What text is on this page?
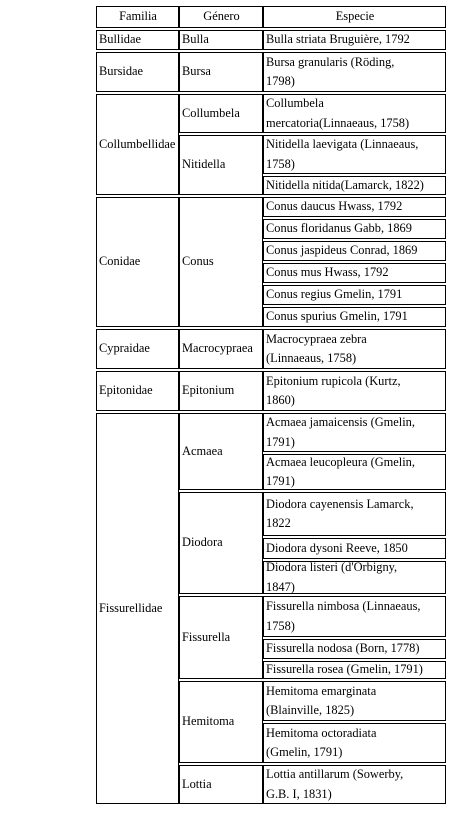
Familia	Género	Especie
Bullidae
Bursidae
Collumbellidae
Conidae
Cypraidae
Epitonidae
Fissurellidae
Bulla
Bursa
Collumbela
Nitidella
Conus
Macrocypraea
Epitonium
Acmaea
Diodora
Fissurella
Hemitoma
Lottia
Bulla striata Bruguière, 1792
Bursa granularis (Röding,
1798)
Collumbela
mercatoria(Linnaeaus, 1758)
Nitidella laevigata (Linnaeaus,
1758)
Nitidella nitida(Lamarck, 1822)
Conus daucus Hwass, 1792
Conus floridanus Gabb, 1869
Conus jaspideus Conrad, 1869
Conus mus Hwass, 1792
Conus regius Gmelin, 1791
Conus spurius Gmelin, 1791
Macrocypraea zebra
(Linnaeaus, 1758)
Epitonium rupicola (Kurtz,
1860)
Acmaea jamaicensis (Gmelin,
1791)
Acmaea leucopleura (Gmelin,
1791)
Diodora cayenensis Lamarck,
1822
Diodora dysoni Reeve, 1850
Diodora listeri (d'Orbigny,
1847)
Fissurella nimbosa (Linnaeaus,
1758)
Fissurella nodosa (Born, 1778)
Fissurella rosea (Gmelin, 1791)
Hemitoma emarginata
(Blainville, 1825)
Hemitoma octoradiata
(Gmelin, 1791)
Lottia antillarum (Sowerby,
G.B. I, 1831)
